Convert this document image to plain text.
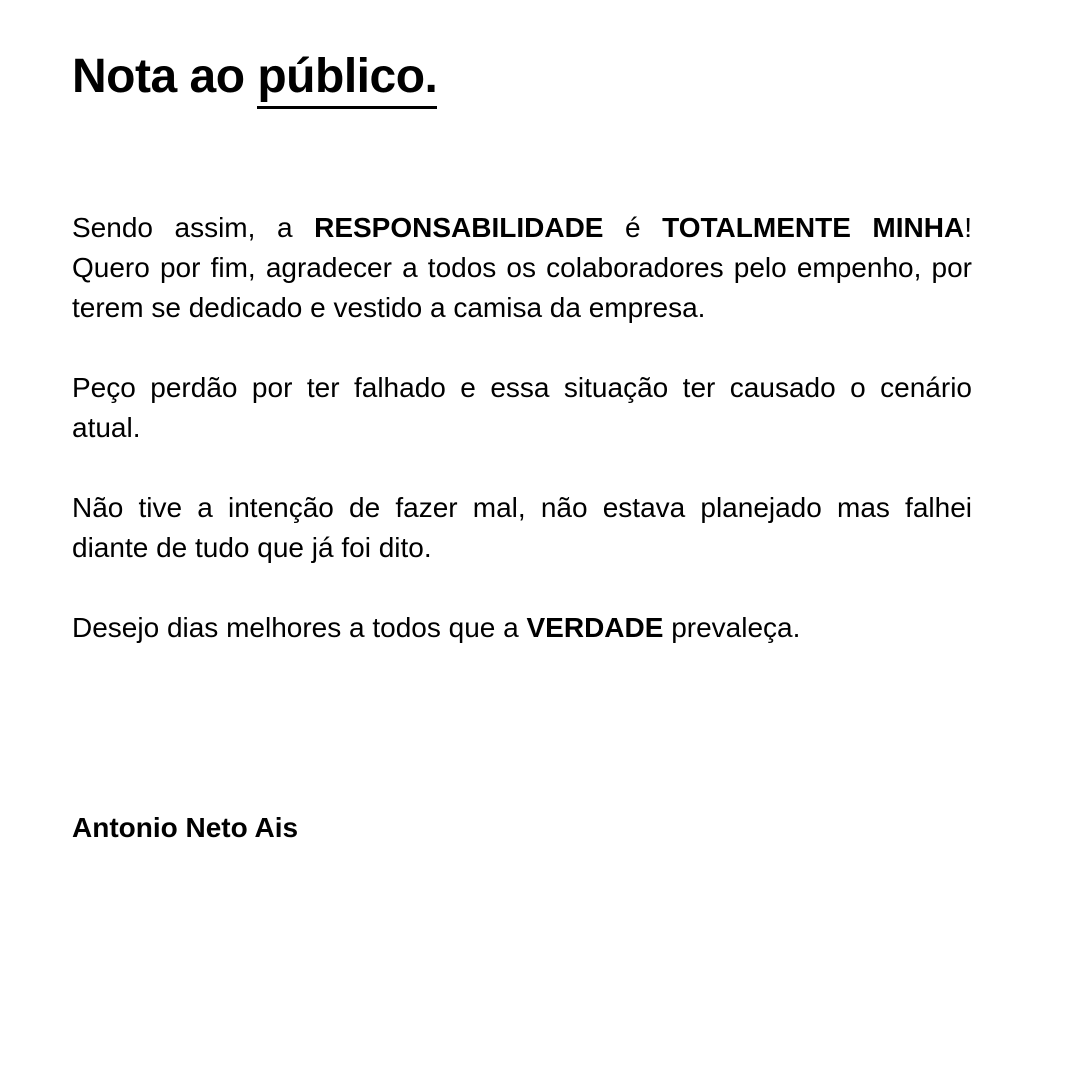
Nota ao público.

Sendo assim, a RESPONSABILIDADE é TOTALMENTE MINHA! Quero por fim, agradecer a todos os colaboradores pelo empenho, por terem se dedicado e vestido a camisa da empresa.

Peço perdão por ter falhado e essa situação ter causado o cenário atual.

Não tive a intenção de fazer mal, não estava planejado mas falhei diante de tudo que já foi dito.

Desejo dias melhores a todos que a VERDADE prevaleça.

Antonio Neto Ais
